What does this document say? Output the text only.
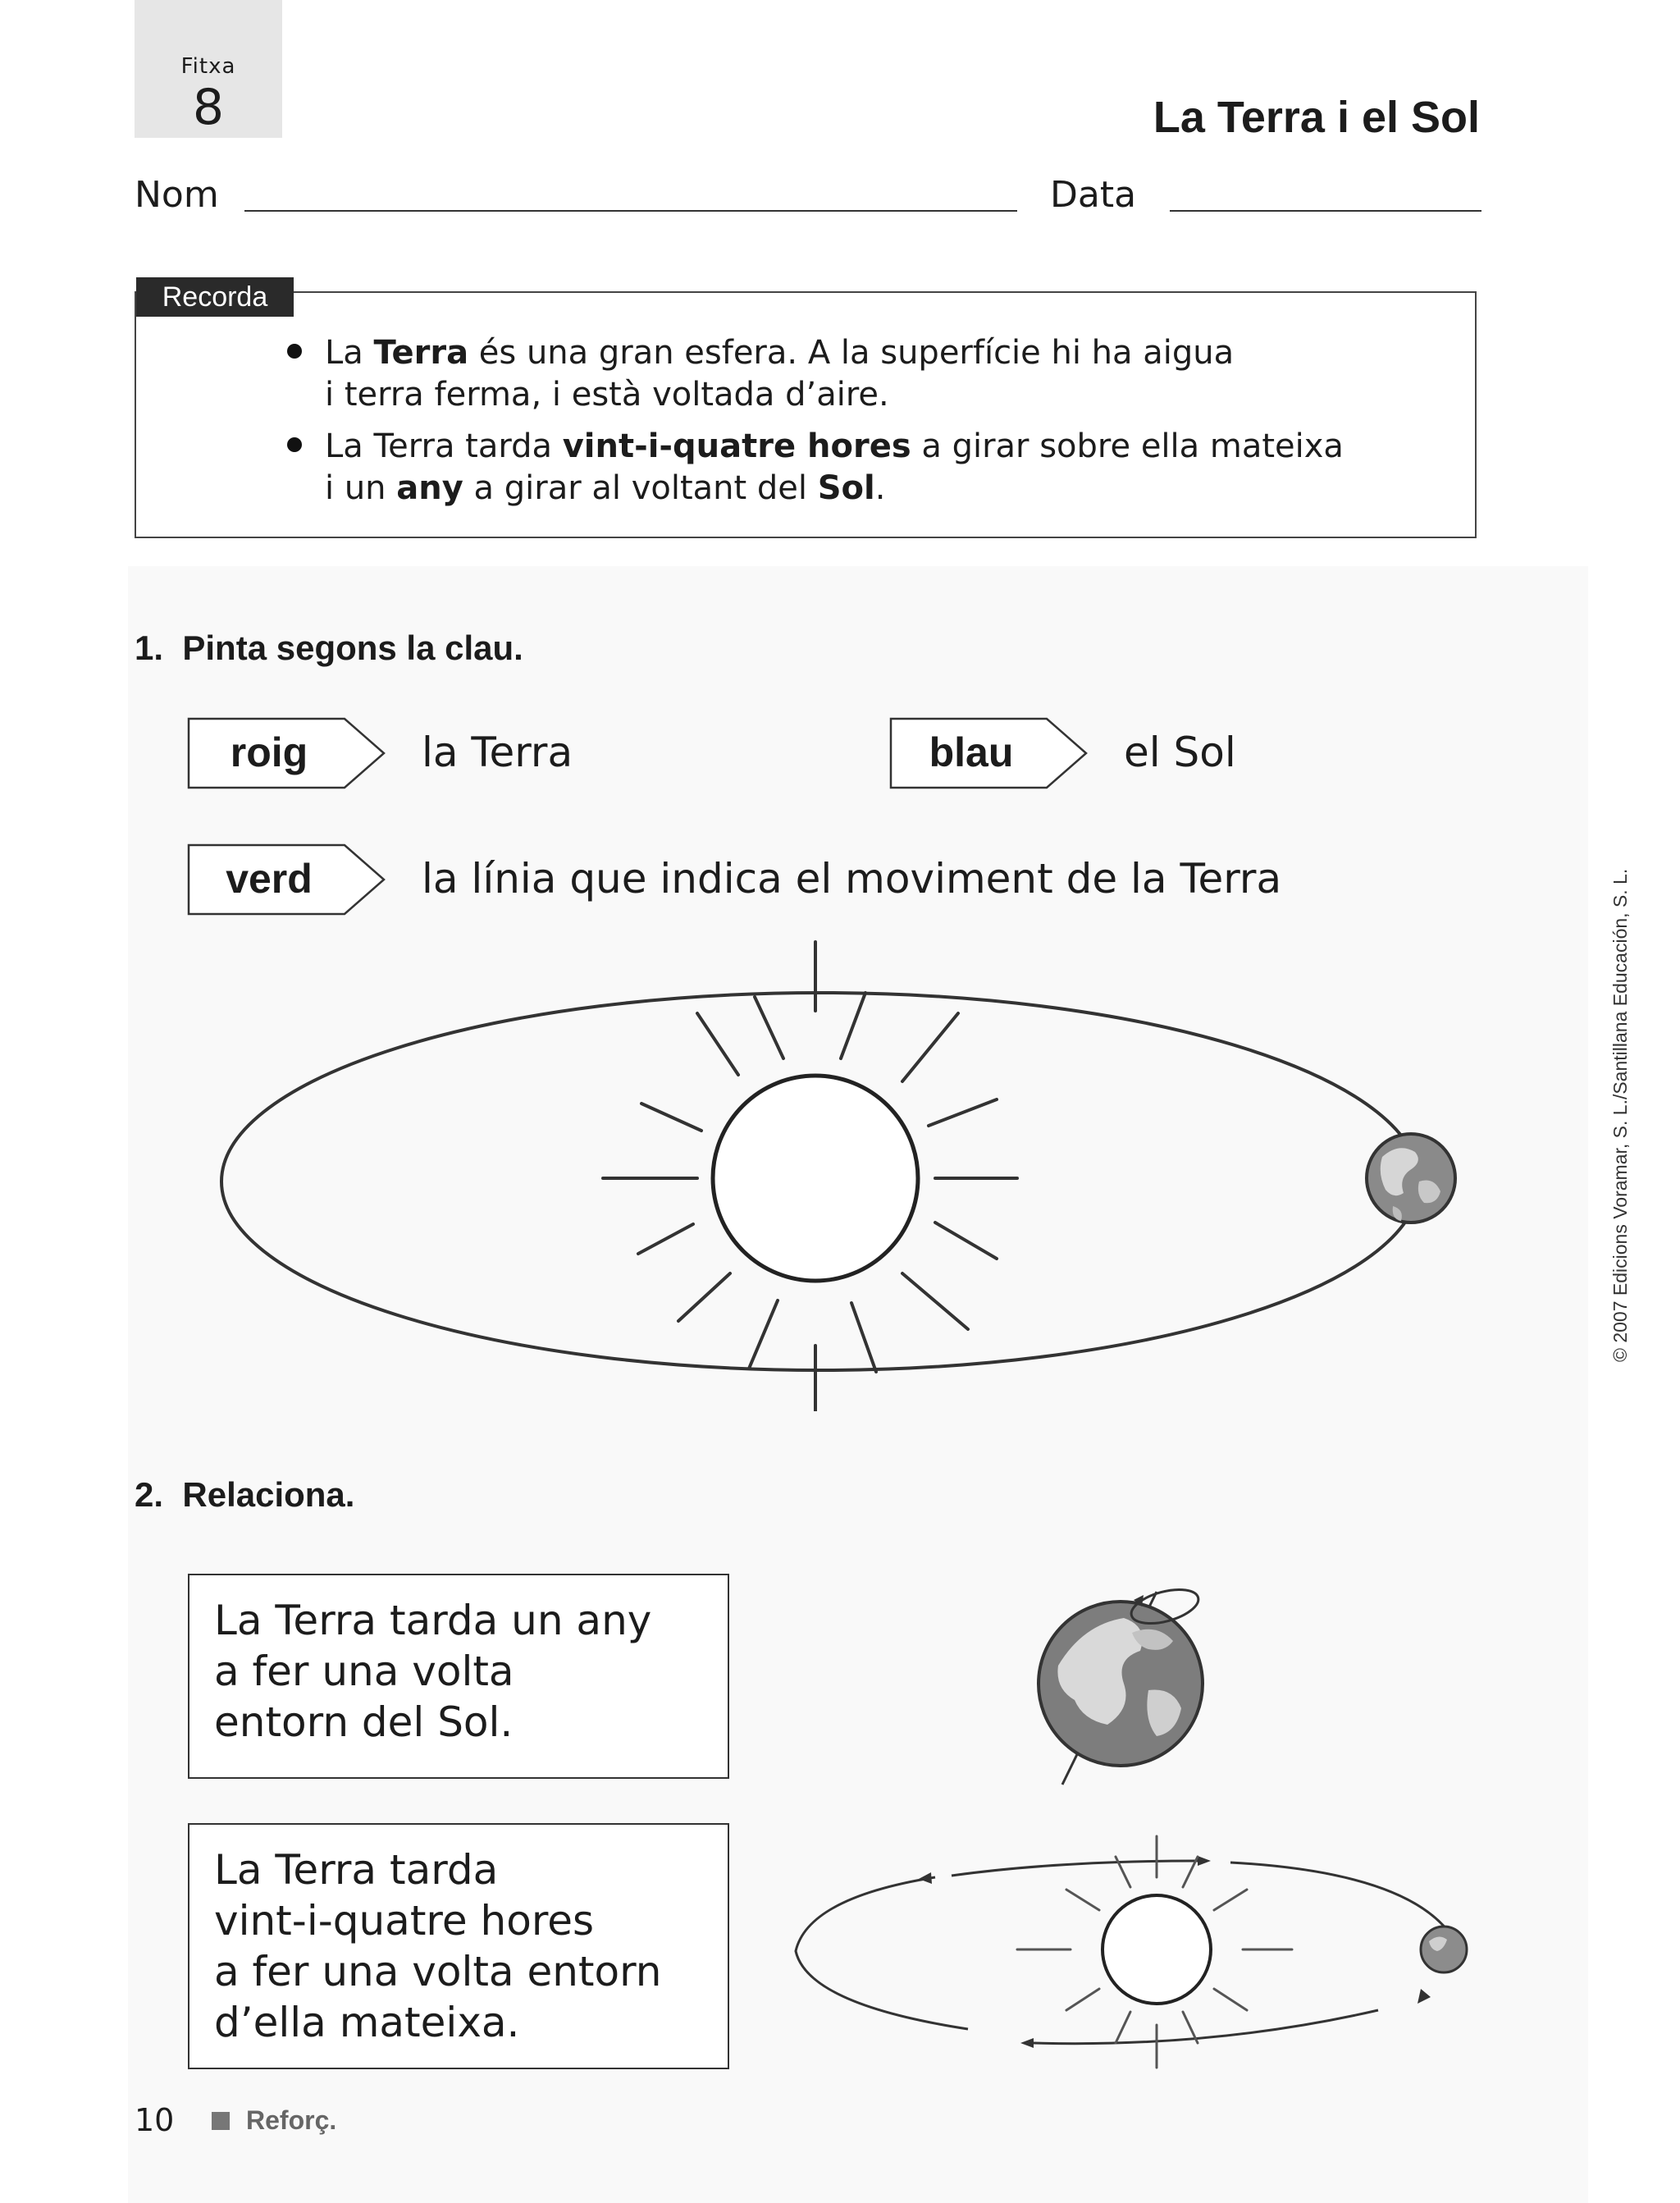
Fitxa
8	La Terra i el Sol
Nom	Data
La Terra és una gran esfera. A la superfície hi ha aigua
i terra ferma, i està voltada d’aire.
La Terra tarda vint-i-quatre hores a girar sobre ella mateixa
i un any a girar al voltant del Sol.
Recorda
1. Pinta segons la clau.
roig	la Terra	blau	el Sol
verd	la línia que indica el moviment de la Terra
2. Relaciona.
La Terra tarda un any
a fer una volta
entorn del Sol.
La Terra tarda
vint-i-quatre hores
a fer una volta entorn
d’ella mateixa.
© 2007 Edicions Voramar, S. L./Santillana Educación, S. L.
10	Reforç.
